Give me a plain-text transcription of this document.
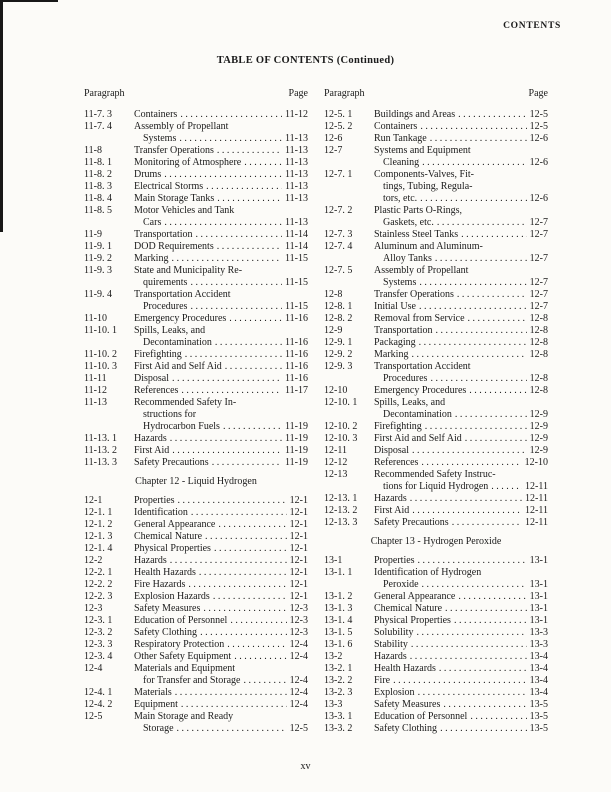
CONTENTS
TABLE OF CONTENTS (Continued)
Paragraph	Page
11-7. 3	Containers . . .	11-12
11-7. 4	Assembly of Propellant
Systems . . .	11-13
11-8	Transfer Operations . . .	11-13
11-8. 1	Monitoring of Atmosphere . . .	11-13
11-8. 2	Drums . . .	11-13
11-8. 3	Electrical Storms . . .	11-13
11-8. 4	Main Storage Tanks . . .	11-13
11-8. 5	Motor Vehicles and Tank
Cars . . .	11-13
11-9	Transportation . . .	11-14
11-9. 1	DOD Requirements . . .	11-14
11-9. 2	Marking . . .	11-15
11-9. 3	State and Municipality Re-
quirements . . .	11-15
11-9. 4	Transportation Accident
Procedures . . .	11-15
11-10	Emergency Procedures . . .	11-16
11-10. 1	Spills, Leaks, and
Decontamination . . .	11-16
11-10. 2	Firefighting . . .	11-16
11-10. 3	First Aid and Self Aid . . .	11-16
11-11	Disposal . . .	11-16
11-12	References . . .	11-17
11-13	Recommended Safety In-
structions for
Hydrocarbon Fuels . . .	11-19
11-13. 1	Hazards . . .	11-19
11-13. 2	First Aid . . .	11-19
11-13. 3	Safety Precautions . . .	11-19
Chapter 12 - Liquid Hydrogen
12-1	Properties . . .	12-1
12-1. 1	Identification . . .	12-1
12-1. 2	General Appearance . . .	12-1
12-1. 3	Chemical Nature . . .	12-1
12-1. 4	Physical Properties . . .	12-1
12-2	Hazards . . .	12-1
12-2. 1	Health Hazards . . .	12-1
12-2. 2	Fire Hazards . . .	12-1
12-2. 3	Explosion Hazards . . .	12-1
12-3	Safety Measures . . .	12-3
12-3. 1	Education of Personnel . . .	12-3
12-3. 2	Safety Clothing . . .	12-3
12-3. 3	Respiratory Protection . . .	12-4
12-3. 4	Other Safety Equipment . . .	12-4
12-4	Materials and Equipment
for Transfer and Storage . . .	12-4
12-4. 1	Materials . . .	12-4
12-4. 2	Equipment . . .	12-4
12-5	Main Storage and Ready
Storage . . .	12-5
Paragraph	Page
12-5. 1	Buildings and Areas . . .	12-5
12-5. 2	Containers . . .	12-5
12-6	Run Tankage . . .	12-6
12-7	Systems and Equipment
Cleaning . . .	12-6
12-7. 1	Components-Valves, Fit-
tings, Tubing, Regula-
tors, etc. . . .	12-6
12-7. 2	Plastic Parts O-Rings,
Gaskets, etc. . . .	12-7
12-7. 3	Stainless Steel Tanks . . .	12-7
12-7. 4	Aluminum and Aluminum-
Alloy Tanks . . .	12-7
12-7. 5	Assembly of Propellant
Systems . . .	12-7
12-8	Transfer Operations . . .	12-7
12-8. 1	Initial Use . . .	12-7
12-8. 2	Removal from Service . . .	12-8
12-9	Transportation . . .	12-8
12-9. 1	Packaging . . .	12-8
12-9. 2	Marking . . .	12-8
12-9. 3	Transportation Accident
Procedures . . .	12-8
12-10	Emergency Procedures . . .	12-8
12-10. 1	Spills, Leaks, and
Decontamination . . .	12-9
12-10. 2	Firefighting . . .	12-9
12-10. 3	First Aid and Self Aid . . .	12-9
12-11	Disposal . . .	12-9
12-12	References . . .	12-10
12-13	Recommended Safety Instruc-
tions for Liquid Hydrogen . . .	12-11
12-13. 1	Hazards . . .	12-11
12-13. 2	First Aid . . .	12-11
12-13. 3	Safety Precautions . . .	12-11
Chapter 13 - Hydrogen Peroxide
13-1	Properties . . .	13-1
13-1. 1	Identification of Hydrogen
Peroxide . . .	13-1
13-1. 2	General Appearance . . .	13-1
13-1. 3	Chemical Nature . . .	13-1
13-1. 4	Physical Properties . . .	13-1
13-1. 5	Solubility . . .	13-3
13-1. 6	Stability . . .	13-3
13-2	Hazards . . .	13-4
13-2. 1	Health Hazards . . .	13-4
13-2. 2	Fire . . .	13-4
13-2. 3	Explosion . . .	13-4
13-3	Safety Measures . . .	13-5
13-3. 1	Education of Personnel . . .	13-5
13-3. 2	Safety Clothing . . .	13-5
xv
